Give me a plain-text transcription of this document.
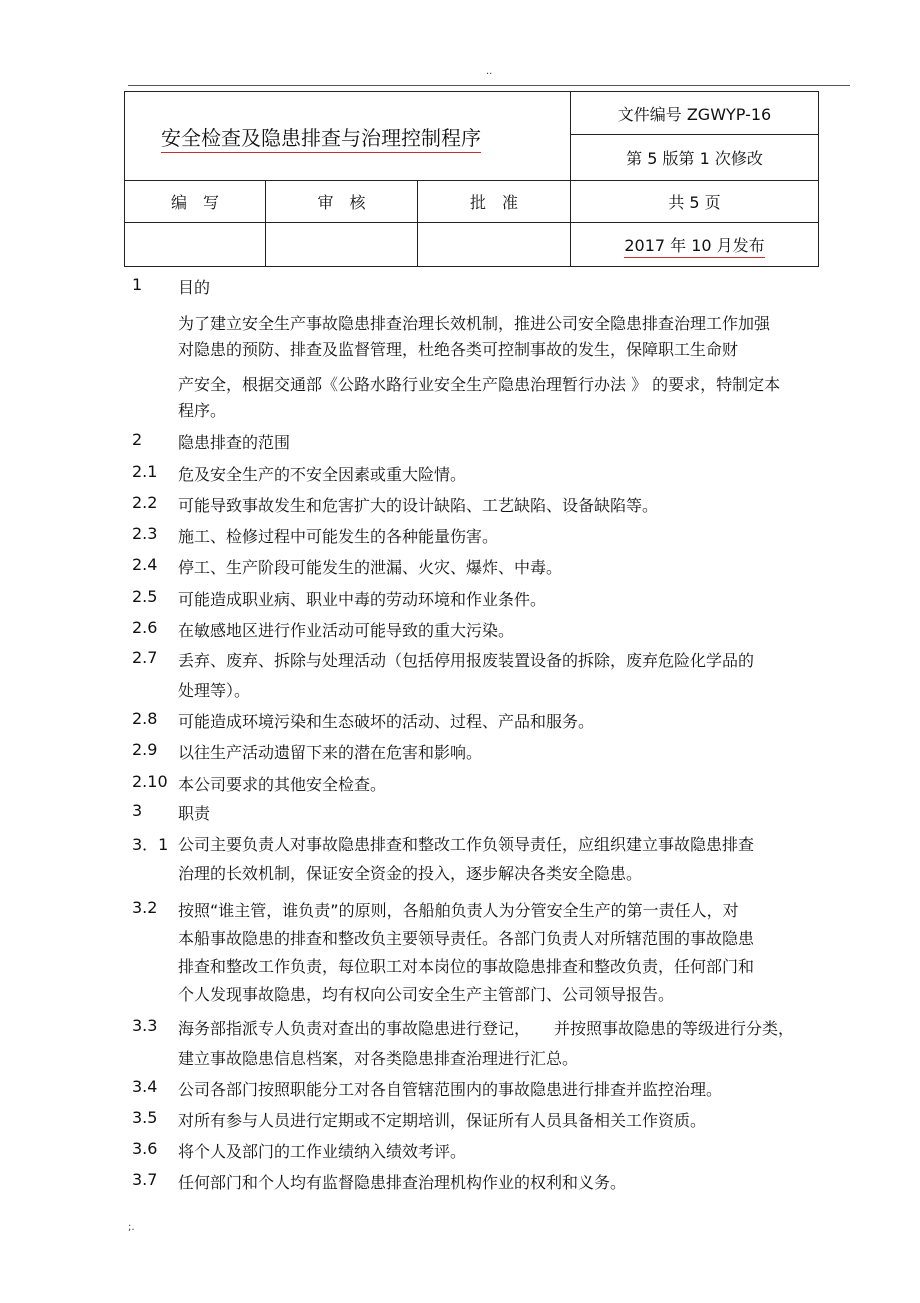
..
安全检查及隐患排查与治理控制程序			文件编号 ZGWYP-16
			第 5 版第 1 次修改
编　写	审　核	批　准	共 5 页
			2017 年 10 月发布
1 目的
为了建立安全生产事故隐患排查治理长效机制，推进公司安全隐患排查治理工作加强
对隐患的预防、排查及监督管理，杜绝各类可控制事故的发生，保障职工生命财
产安全，根据交通部《公路水路行业安全生产隐患治理暂行办法 》 的要求，特制定本
程序。
2 隐患排查的范围
2.1 危及安全生产的不安全因素或重大险情。
2.2 可能导致事故发生和危害扩大的设计缺陷、工艺缺陷、设备缺陷等。
2.3 施工、检修过程中可能发生的各种能量伤害。
2.4 停工、生产阶段可能发生的泄漏、火灾、爆炸、中毒。
2.5 可能造成职业病、职业中毒的劳动环境和作业条件。
2.6 在敏感地区进行作业活动可能导致的重大污染。
2.7 丢弃、废弃、拆除与处理活动（包括停用报废装置设备的拆除，废弃危险化学品的
处理等）。
2.8 可能造成环境污染和生态破坏的活动、过程、产品和服务。
2.9 以往生产活动遗留下来的潜在危害和影响。
2.10 本公司要求的其他安全检查。
3 职责
3．1 公司主要负责人对事故隐患排查和整改工作负领导责任，应组织建立事故隐患排查
治理的长效机制，保证安全资金的投入，逐步解决各类安全隐患。
3.2 按照“谁主管，谁负责”的原则，各船舶负责人为分管安全生产的第一责任人，对
本船事故隐患的排查和整改负主要领导责任。各部门负责人对所辖范围的事故隐患
排查和整改工作负责，每位职工对本岗位的事故隐患排查和整改负责，任何部门和
个人发现事故隐患，均有权向公司安全生产主管部门、公司领导报告。
3.3 海务部指派专人负责对查出的事故隐患进行登记，　　并按照事故隐患的等级进行分类，
建立事故隐患信息档案，对各类隐患排查治理进行汇总。
3.4 公司各部门按照职能分工对各自管辖范围内的事故隐患进行排查并监控治理。
3.5 对所有参与人员进行定期或不定期培训，保证所有人员具备相关工作资质。
3.6 将个人及部门的工作业绩纳入绩效考评。
3.7 任何部门和个人均有监督隐患排查治理机构作业的权利和义务。
;.
